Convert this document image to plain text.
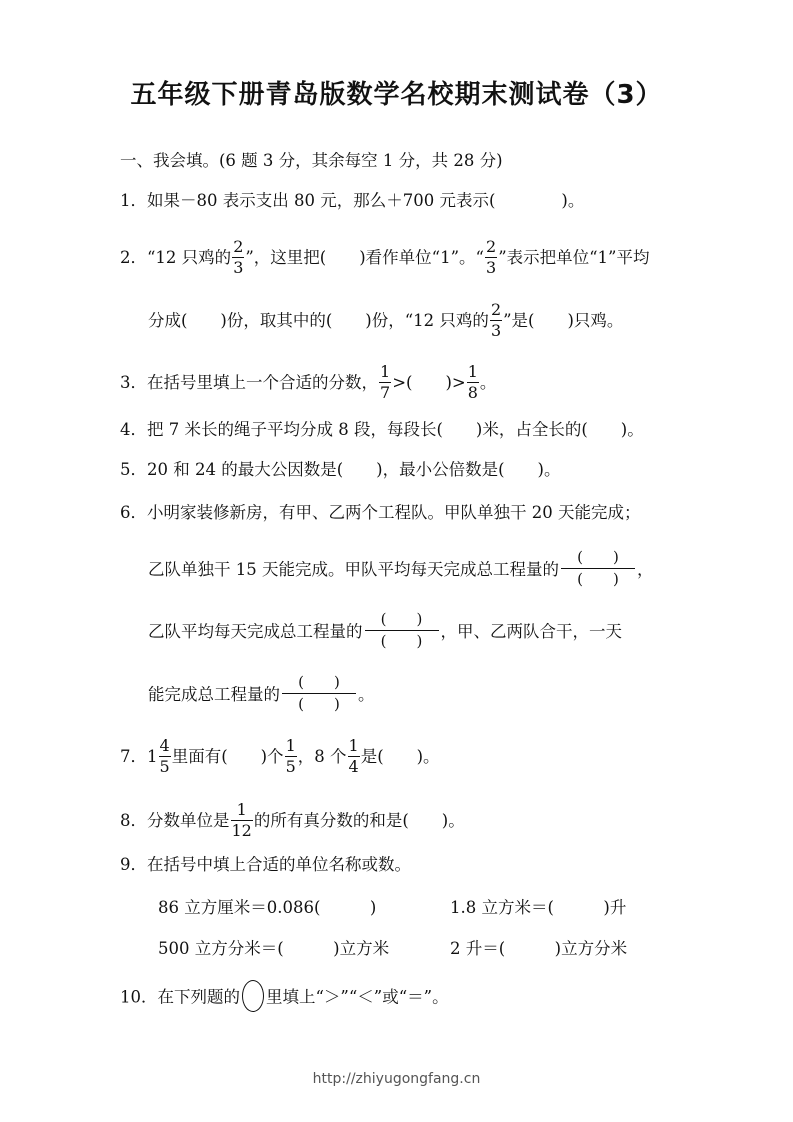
五年级下册青岛版数学名校期末测试卷（3）
一、我会填。(6 题 3 分，其余每空 1 分，共 28 分)
1．如果－80 表示支出 80 元，那么＋700 元表示(　　　　)。
2．“12 只鸡的 $\frac{2}{3}$ ”，这里把(　　)看作单位“1”。“ $\frac{2}{3}$ ”表示把单位“1”平均
分成(　　)份，取其中的(　　)份，“12 只鸡的 $\frac{2}{3}$ ”是(　　)只鸡。
3．在括号里填上一个合适的分数， $\frac{1}{7}$ >(　　)> $\frac{1}{8}$ 。
4．把 7 米长的绳子平均分成 8 段，每段长(　　)米，占全长的(　　)。
5．20 和 24 的最大公因数是(　　)，最小公倍数是(　　)。
6．小明家装修新房，有甲、乙两个工程队。甲队单独干 20 天能完成；
乙队单独干 15 天能完成。甲队平均每天完成总工程量的 $\frac{( )}{( )}$ ，
乙队平均每天完成总工程量的 $\frac{( )}{( )}$ ，甲、乙两队合干，一天
能完成总工程量的 $\frac{( )}{( )}$ 。
7．$1 \frac{4}{5}$ 里面有(　　)个 $\frac{1}{5}$ ，8 个 $\frac{1}{4}$ 是(　　)。
8．分数单位是 $\frac{1}{12}$ 的所有真分数的和是(　　)。
9．在括号中填上合适的单位名称或数。
86 立方厘米＝0.086(　　　)	1.8 立方米＝(　　　)升
500 立方分米＝(　　　)立方米	2 升＝(　　　)立方分米
10．在下列题的 里填上“＞”“＜”或“＝”。
http://zhiyugongfang.cn
